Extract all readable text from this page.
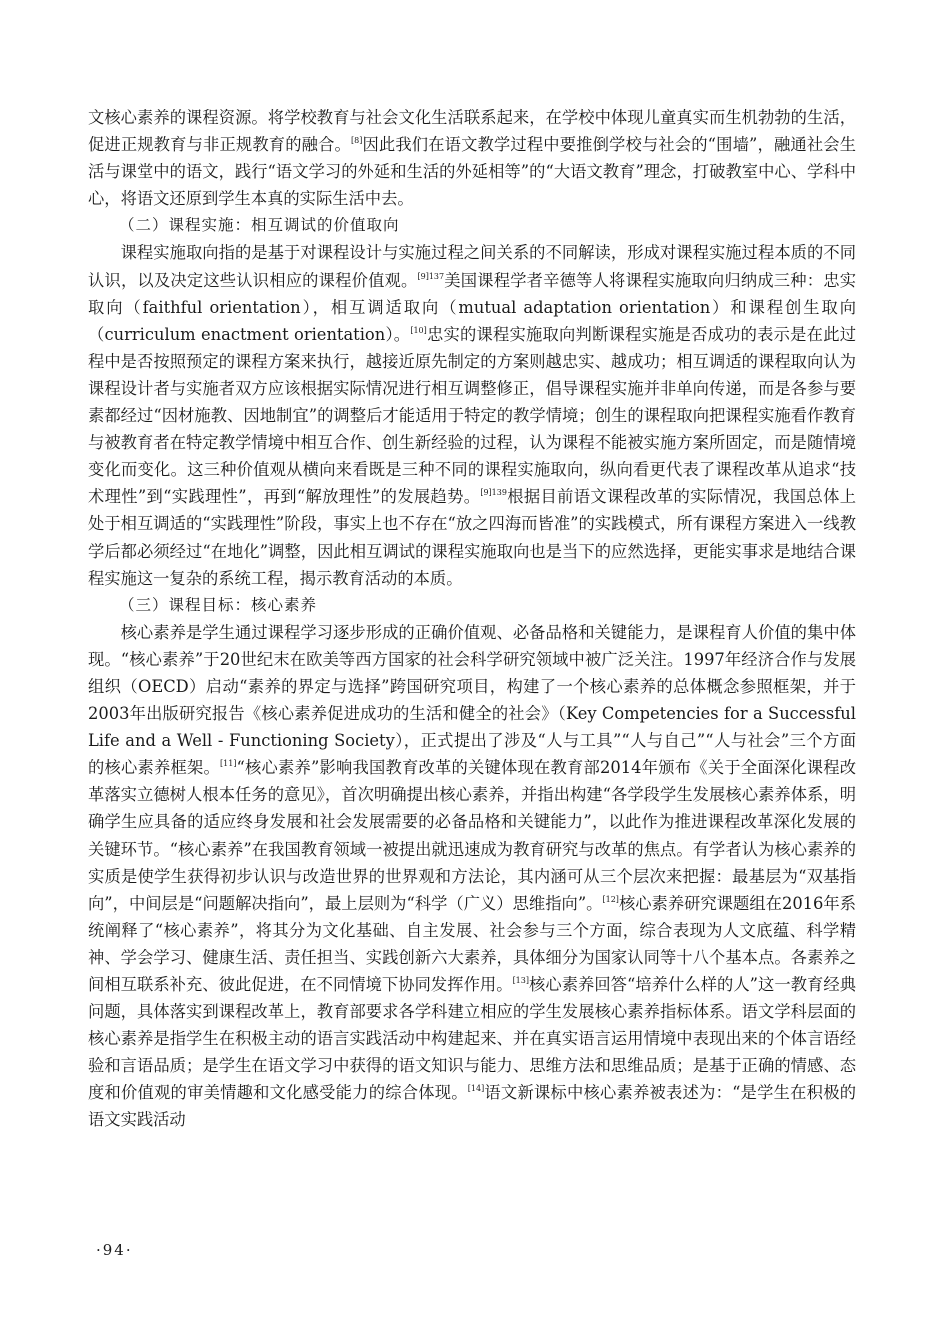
文核心素养的课程资源。将学校教育与社会文化生活联系起来，在学校中体现儿童真实而生机勃勃的生活，促进正规教育与非正规教育的融合。[8]因此我们在语文教学过程中要推倒学校与社会的“围墙”，融通社会生活与课堂中的语文，践行“语文学习的外延和生活的外延相等”的“大语文教育”理念，打破教室中心、学科中心，将语文还原到学生本真的实际生活中去。

（二）课程实施：相互调试的价值取向

课程实施取向指的是基于对课程设计与实施过程之间关系的不同解读，形成对课程实施过程本质的不同认识，以及决定这些认识相应的课程价值观。$^{[9]137}$美国课程学者辛德等人将课程实施取向归纳成三种：忠实取向（faithful orientation），相互调适取向（mutual adaptation orientation）和课程创生取向（curriculum enactment orientation）。[10]忠实的课程实施取向判断课程实施是否成功的表示是在此过程中是否按照预定的课程方案来执行，越接近原先制定的方案则越忠实、越成功；相互调适的课程取向认为课程设计者与实施者双方应该根据实际情况进行相互调整修正，倡导课程实施并非单向传递，而是各参与要素都经过“因材施教、因地制宜”的调整后才能适用于特定的教学情境；创生的课程取向把课程实施看作教育与被教育者在特定教学情境中相互合作、创生新经验的过程，认为课程不能被实施方案所固定，而是随情境变化而变化。这三种价值观从横向来看既是三种不同的课程实施取向，纵向看更代表了课程改革从追求“技术理性”到“实践理性”，再到“解放理性”的发展趋势。$^{[9]139}$根据目前语文课程改革的实际情况，我国总体上处于相互调适的“实践理性”阶段，事实上也不存在“放之四海而皆准”的实践模式，所有课程方案进入一线教学后都必须经过“在地化”调整，因此相互调试的课程实施取向也是当下的应然选择，更能实事求是地结合课程实施这一复杂的系统工程，揭示教育活动的本质。

（三）课程目标：核心素养

核心素养是学生通过课程学习逐步形成的正确价值观、必备品格和关键能力，是课程育人价值的集中体现。“核心素养”于20世纪末在欧美等西方国家的社会科学研究领域中被广泛关注。1997年经济合作与发展组织（OECD）启动“素养的界定与选择”跨国研究项目，构建了一个核心素养的总体概念参照框架，并于2003年出版研究报告《核心素养促进成功的生活和健全的社会》（Key Competencies for a Successful Life and a Well - Functioning Society），正式提出了涉及“人与工具”“人与自己”“人与社会”三个方面的核心素养框架。[11]“核心素养”影响我国教育改革的关键体现在教育部2014年颁布《关于全面深化课程改革落实立德树人根本任务的意见》，首次明确提出核心素养，并指出构建“各学段学生发展核心素养体系，明确学生应具备的适应终身发展和社会发展需要的必备品格和关键能力”，以此作为推进课程改革深化发展的关键环节。“核心素养”在我国教育领域一被提出就迅速成为教育研究与改革的焦点。有学者认为核心素养的实质是使学生获得初步认识与改造世界的世界观和方法论，其内涵可从三个层次来把握：最基层为“双基指向”，中间层是“问题解决指向”，最上层则为“科学（广义）思维指向”。[12]核心素养研究课题组在2016年系统阐释了“核心素养”，将其分为文化基础、自主发展、社会参与三个方面，综合表现为人文底蕴、科学精神、学会学习、健康生活、责任担当、实践创新六大素养，具体细分为国家认同等十八个基本点。各素养之间相互联系补充、彼此促进，在不同情境下协同发挥作用。[13]核心素养回答“培养什么样的人”这一教育经典问题，具体落实到课程改革上，教育部要求各学科建立相应的学生发展核心素养指标体系。语文学科层面的核心素养是指学生在积极主动的语言实践活动中构建起来、并在真实语言运用情境中表现出来的个体言语经验和言语品质；是学生在语文学习中获得的语文知识与能力、思维方法和思维品质；是基于正确的情感、态度和价值观的审美情趣和文化感受能力的综合体现。[14]语文新课标中核心素养被表述为：“是学生在积极的语文实践活动

·94·
